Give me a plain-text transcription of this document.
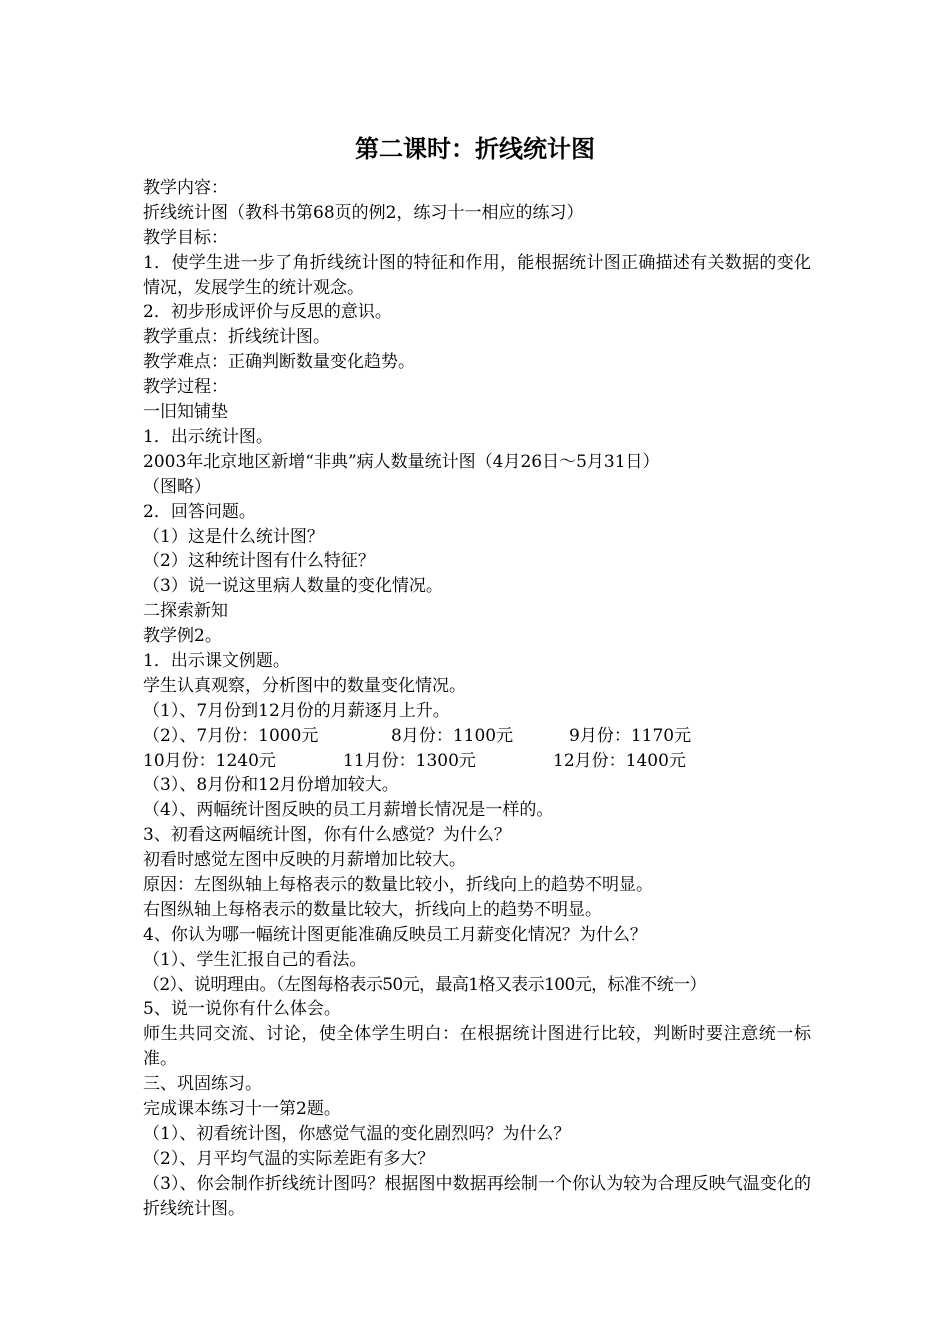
第二课时：折线统计图
教学内容：
折线统计图（教科书第68页的例2，练习十一相应的练习）
教学目标：
1．使学生进一步了角折线统计图的特征和作用，能根据统计图正确描述有关数据的变化情况，发展学生的统计观念。
2．初步形成评价与反思的意识。
教学重点：折线统计图。
教学难点：正确判断数量变化趋势。
教学过程：
一旧知铺垫
1．出示统计图。
2003年北京地区新增“非典”病人数量统计图（4月26日～5月31日）
（图略）
2．回答问题。
（1）这是什么统计图？
（2）这种统计图有什么特征？
（3）说一说这里病人数量的变化情况。
二探索新知
教学例2。
1．出示课文例题。
学生认真观察，分析图中的数量变化情况。
（1）、7月份到12月份的月薪逐月上升。
（2）、7月份：1000元	8月份：1100元	9月份：1170元
10月份：1240元	11月份：1300元	12月份：1400元
（3）、8月份和12月份增加较大。
（4）、两幅统计图反映的员工月薪增长情况是一样的。
3、初看这两幅统计图，你有什么感觉？为什么？
初看时感觉左图中反映的月薪增加比较大。
原因：左图纵轴上每格表示的数量比较小，折线向上的趋势不明显。
右图纵轴上每格表示的数量比较大，折线向上的趋势不明显。
4、你认为哪一幅统计图更能准确反映员工月薪变化情况？为什么？
（1）、学生汇报自己的看法。
（2）、说明理由。（左图每格表示50元，最高1格又表示100元，标准不统一）
5、说一说你有什么体会。
师生共同交流、讨论，使全体学生明白：在根据统计图进行比较，判断时要注意统一标准。
三、巩固练习。
完成课本练习十一第2题。
（1）、初看统计图，你感觉气温的变化剧烈吗？为什么？
（2）、月平均气温的实际差距有多大？
（3）、你会制作折线统计图吗？根据图中数据再绘制一个你认为较为合理反映气温变化的折线统计图。
